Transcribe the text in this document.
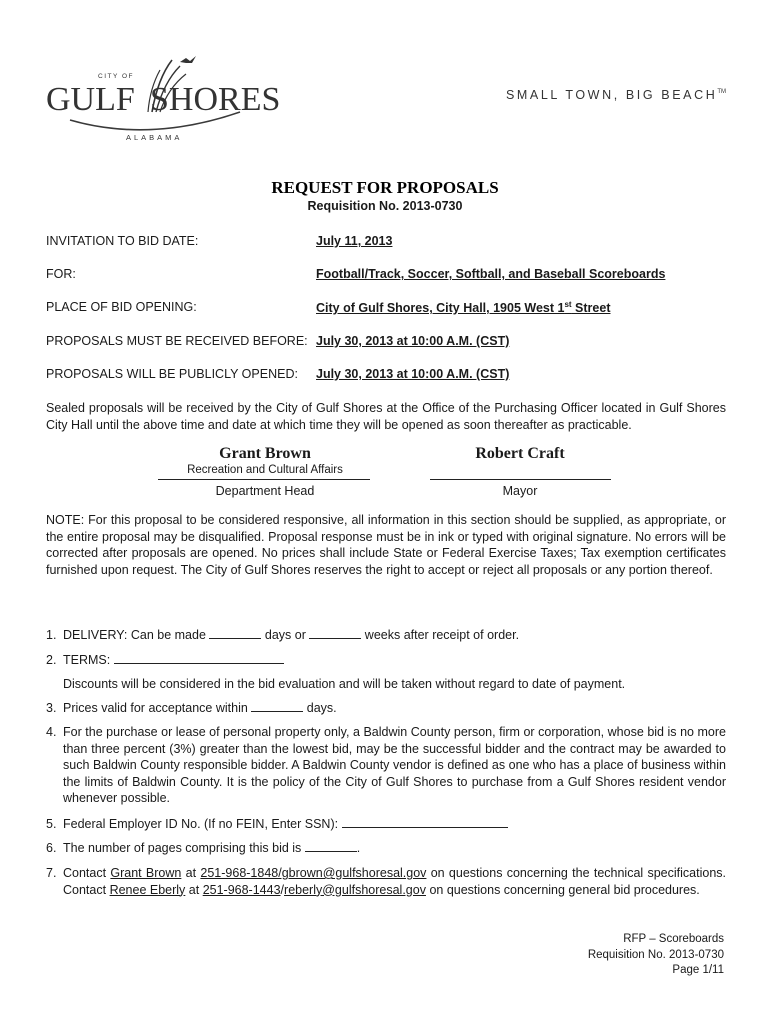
CITY OF
GULF SHORES
ALABAMA
SMALL TOWN, BIG BEACH™
REQUEST FOR PROPOSALS
Requisition No. 2013-0730
INVITATION TO BID DATE:	July 11, 2013
FOR:	Football/Track, Soccer, Softball, and Baseball Scoreboards
PLACE OF BID OPENING:	City of Gulf Shores, City Hall, 1905 West 1st Street
PROPOSALS MUST BE RECEIVED BEFORE: July 30, 2013 at 10:00 A.M. (CST)
PROPOSALS WILL BE PUBLICLY OPENED: July 30, 2013 at 10:00 A.M. (CST)
Sealed proposals will be received by the City of Gulf Shores at the Office of the Purchasing Officer located in Gulf Shores City Hall until the above time and date at which time they will be opened as soon thereafter as practicable.
Grant Brown
Recreation and Cultural Affairs
Department Head
Robert Craft
Mayor
NOTE: For this proposal to be considered responsive, all information in this section should be supplied, as appropriate, or the entire proposal may be disqualified. Proposal response must be in ink or typed with original signature. No errors will be corrected after proposals are opened. No prices shall include State or Federal Exercise Taxes; Tax exemption certificates furnished upon request. The City of Gulf Shores reserves the right to accept or reject all proposals or any portion thereof.
1. DELIVERY: Can be made	days or	weeks after receipt of order.
2. TERMS:
Discounts will be considered in the bid evaluation and will be taken without regard to date of payment.
3. Prices valid for acceptance within	days.
4. For the purchase or lease of personal property only, a Baldwin County person, firm or corporation, whose bid is no more than three percent (3%) greater than the lowest bid, may be the successful bidder and the contract may be awarded to such Baldwin County responsible bidder. A Baldwin County vendor is defined as one who has a place of business within the limits of Baldwin County. It is the policy of the City of Gulf Shores to purchase from a Gulf Shores resident vendor whenever possible.
5. Federal Employer ID No. (If no FEIN, Enter SSN):
6. The number of pages comprising this bid is	.
7. Contact Grant Brown at 251-968-1848/gbrown@gulfshoresal.gov on questions concerning the technical specifications. Contact Renee Eberly at 251-968-1443/reberly@gulfshoresal.gov on questions concerning general bid procedures.
RFP – Scoreboards
Requisition No. 2013-0730
Page 1/11
